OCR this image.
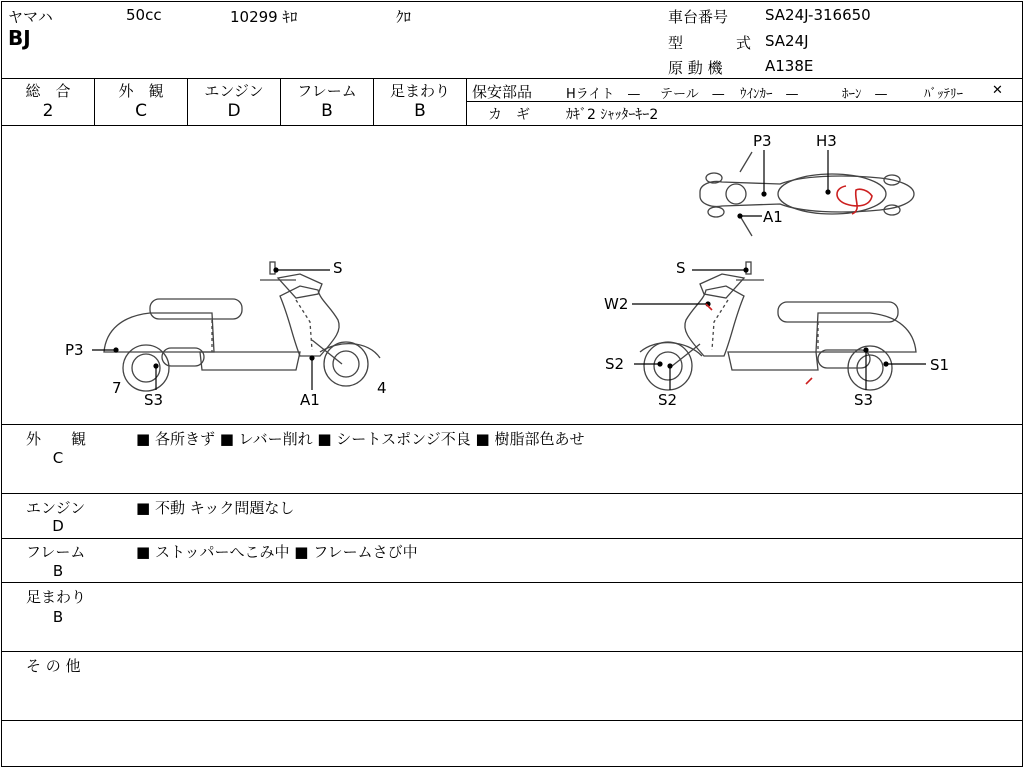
ヤマハ	50cc	10299 ｷﾛ	ｸﾛ
BJ
車台番号 SA24J-316650
型	式 SA24J
原 動 機	A138E
総　合
2
外　観
C
エンジン
D
フレーム
B
足まわり
B
保安部品	Hライト　— テール　— ｳｲﾝｶｰ　—	ﾎｰﾝ　—	ﾊﾞｯﾃﾘｰ ✕
カ　ギ	ｶｷﾞ2 ｼｬｯﾀｰｷｰ2
S
P3
7
S3	A1
4
S
W2
S2
S2
S1
S3
P3	H3
A1
外　　観
C
■ 各所きず ■ レバー削れ ■ シートスポンジ不良 ■ 樹脂部色あせ
エンジン
D
■ 不動 キック問題なし
フレーム
B
■ ストッパーへこみ中 ■ フレームさび中
足まわり
B
そ の 他
